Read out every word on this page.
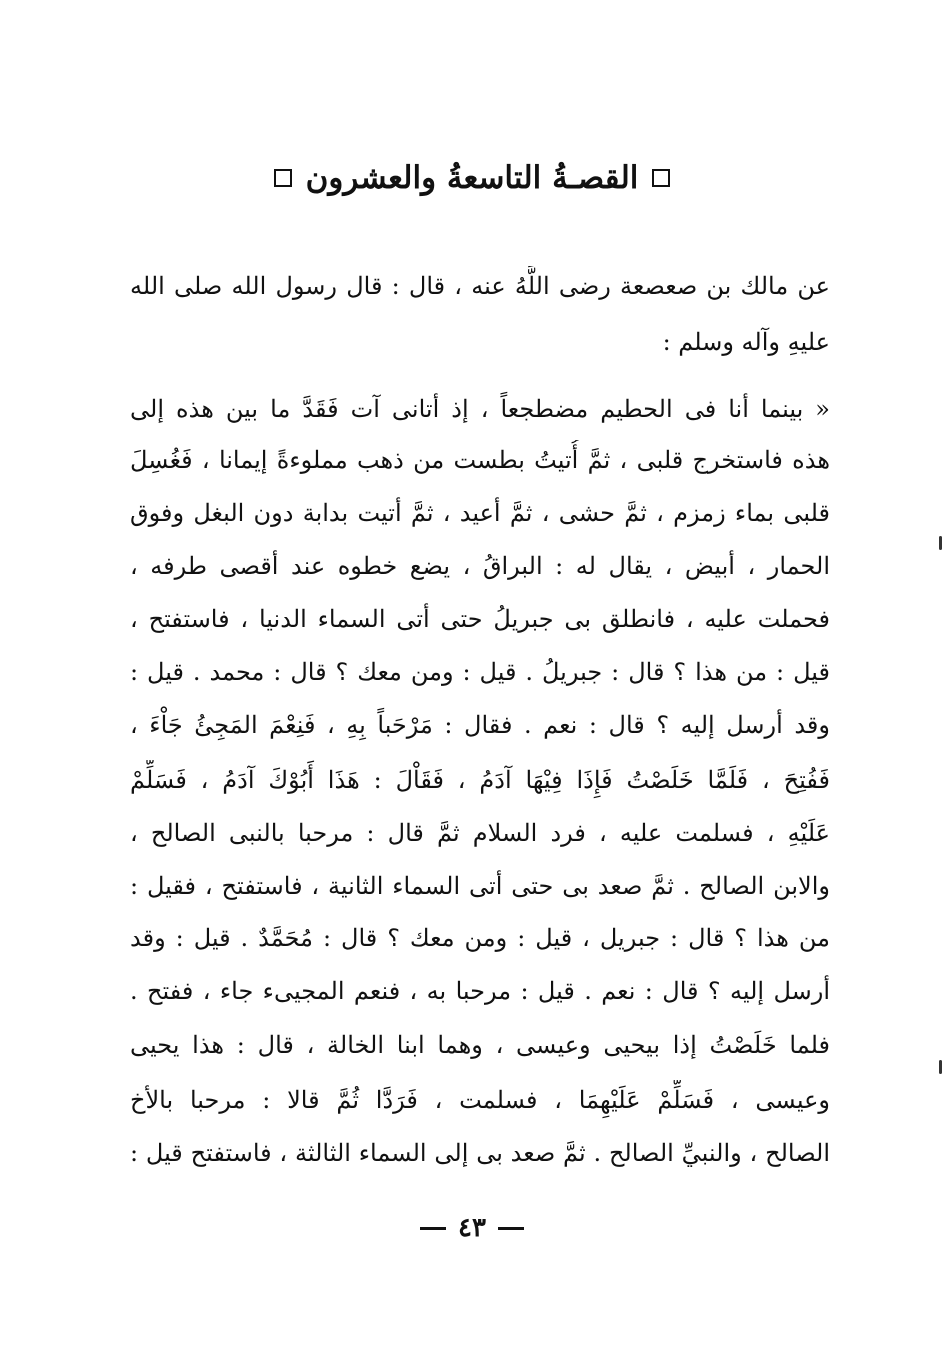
القصـةُ التاسعةُ والعشرون
عن مالك بن صعصعة رضى اللَّهُ عنه ، قال : قال رسول الله صلى الله
عليهِ وآله وسلم :
« بينما أنا فى الحطيم مضطجعاً ، إذ أتانى آت فَقَدَّ ما بين هذه إلى
هذه فاستخرج قلبى ، ثمَّ أُتيتُ بطست من ذهب مملوءةً إيمانا ، فَغُسِلَ
قلبى بماء زمزم ، ثمَّ حشى ، ثمَّ أعيد ، ثمَّ أتيت بدابة دون البغل وفوق
الحمار ، أبيض ، يقال له : البراقُ ، يضع خطوه عند أقصى طرفه ،
فحملت عليه ، فانطلق بى جبريلُ حتى أتى السماء الدنيا ، فاستفتح ،
قيل : من هذا ؟ قال : جبريلُ . قيل : ومن معك ؟ قال : محمد . قيل :
وقد أرسل إليه ؟ قال : نعم . فقال : مَرْحَباً بِهِ ، فَنِعْمَ المَجِئُ جَاْءَ ،
فَفُتِحَ ، فَلَمَّا خَلَصْتُ فَإِذَا فِيْهَا آدَمُ ، فَقَاْلَ : هَذَا أَبُوْكَ آدَمُ ، فَسَلِّمْ
عَلَيْهِ ، فسلمت عليه ، فرد السلام ثمَّ قال : مرحبا بالنبى الصالح ،
والابن الصالح . ثمَّ صعد بى حتى أتى السماء الثانية ، فاستفتح ، فقيل :
من هذا ؟ قال : جبريل ، قيل : ومن معك ؟ قال : مُحَمَّدٌ . قيل : وقد
أرسل إليه ؟ قال : نعم . قيل : مرحبا به ، فنعم المجيىء جاء ، ففتح .
فلما خَلَصْتُ إذا بيحيى وعيسى ، وهما ابنا الخالة ، قال : هذا يحيى
وعيسى ، فَسَلِّمْ عَلَيْهِمَا ، فسلمت ، فَرَدَّا ثُمَّ قالا : مرحبا بالأخ
الصالح ، والنبيِّ الصالح . ثمَّ صعد بى إلى السماء الثالثة ، فاستفتح قيل :
٤٣
